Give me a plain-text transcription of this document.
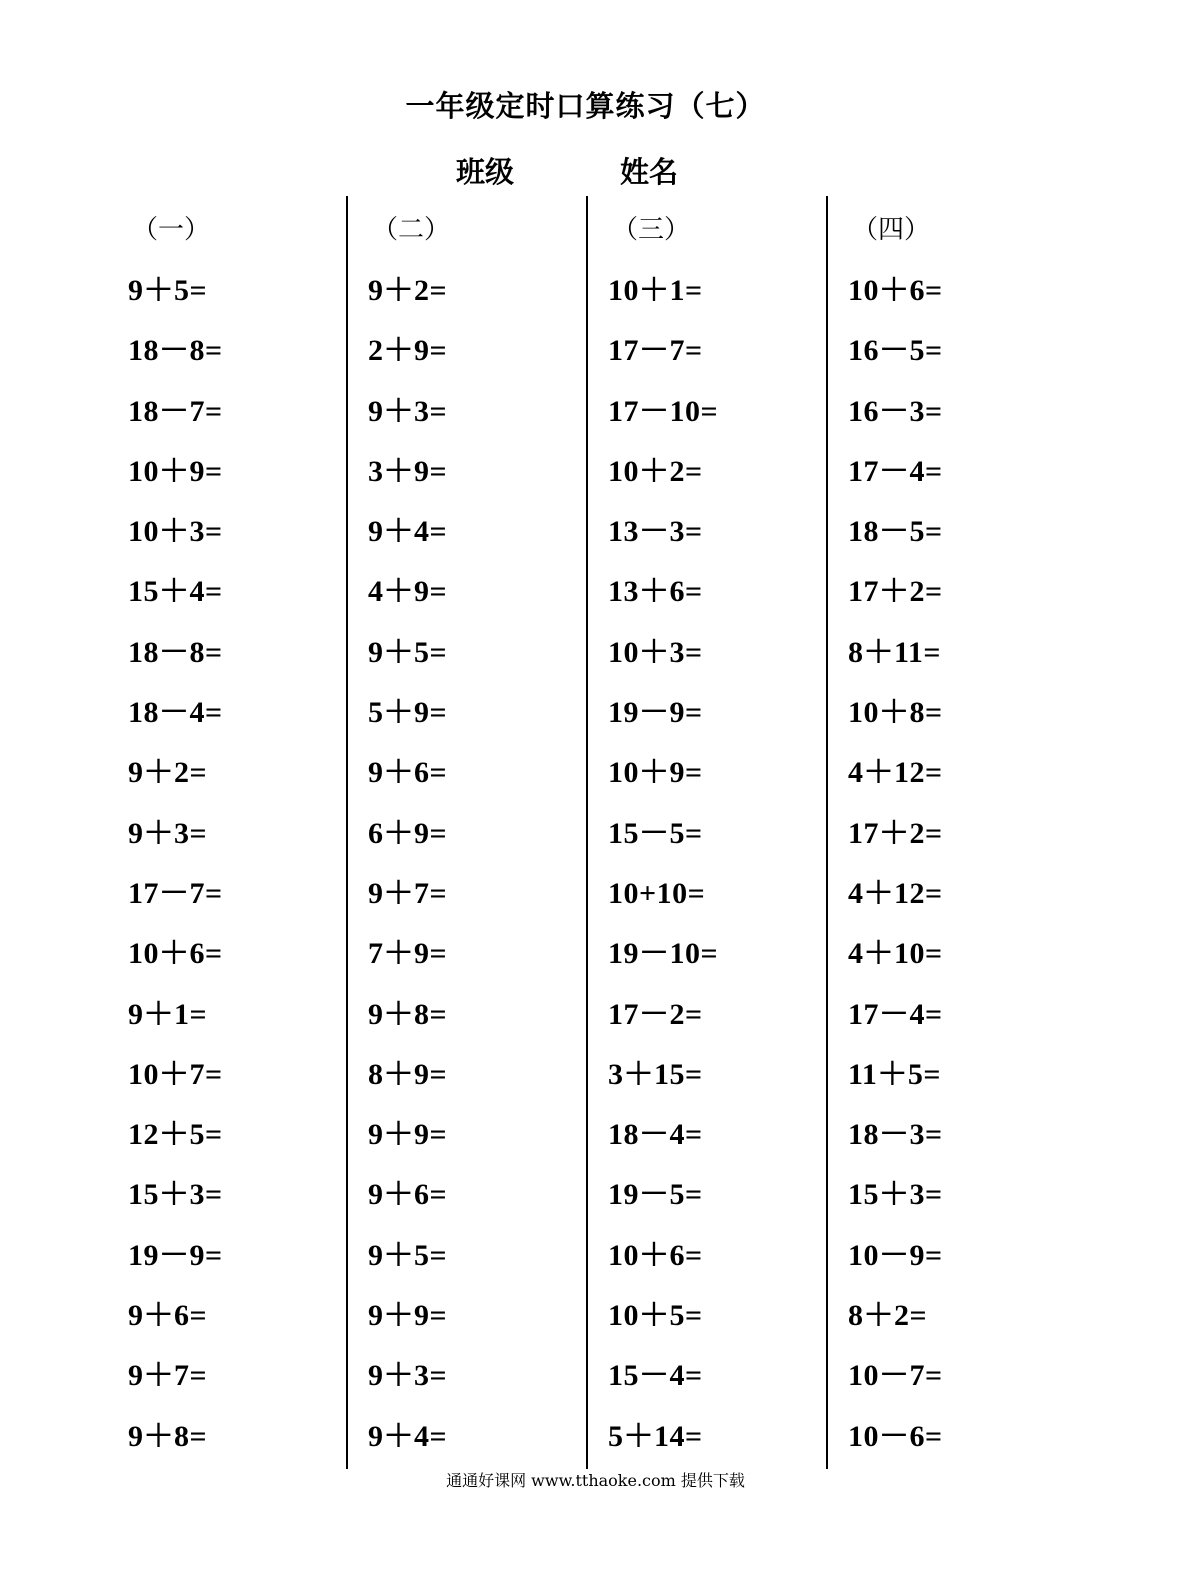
一年级定时口算练习（七）
班级	姓名
（一）
9＋5=
18－8=
18－7=
10＋9=
10＋3=
15＋4=
18－8=
18－4=
9＋2=
9＋3=
17－7=
10＋6=
9＋1=
10＋7=
12＋5=
15＋3=
19－9=
9＋6=
9＋7=
9＋8=
（二）
9＋2=
2＋9=
9＋3=
3＋9=
9＋4=
4＋9=
9＋5=
5＋9=
9＋6=
6＋9=
9＋7=
7＋9=
9＋8=
8＋9=
9＋9=
9＋6=
9＋5=
9＋9=
9＋3=
9＋4=
（三）
10＋1=
17－7=
17－10=
10＋2=
13－3=
13＋6=
10＋3=
19－9=
10＋9=
15－5=
10+10=
19－10=
17－2=
3＋15=
18－4=
19－5=
10＋6=
10＋5=
15－4=
5＋14=
（四）
10＋6=
16－5=
16－3=
17－4=
18－5=
17＋2=
8＋11=
10＋8=
4＋12=
17＋2=
4＋12=
4＋10=
17－4=
11＋5=
18－3=
15＋3=
10－9=
8＋2=
10－7=
10－6=
通通好课网 www.tthaoke.com 提供下载
